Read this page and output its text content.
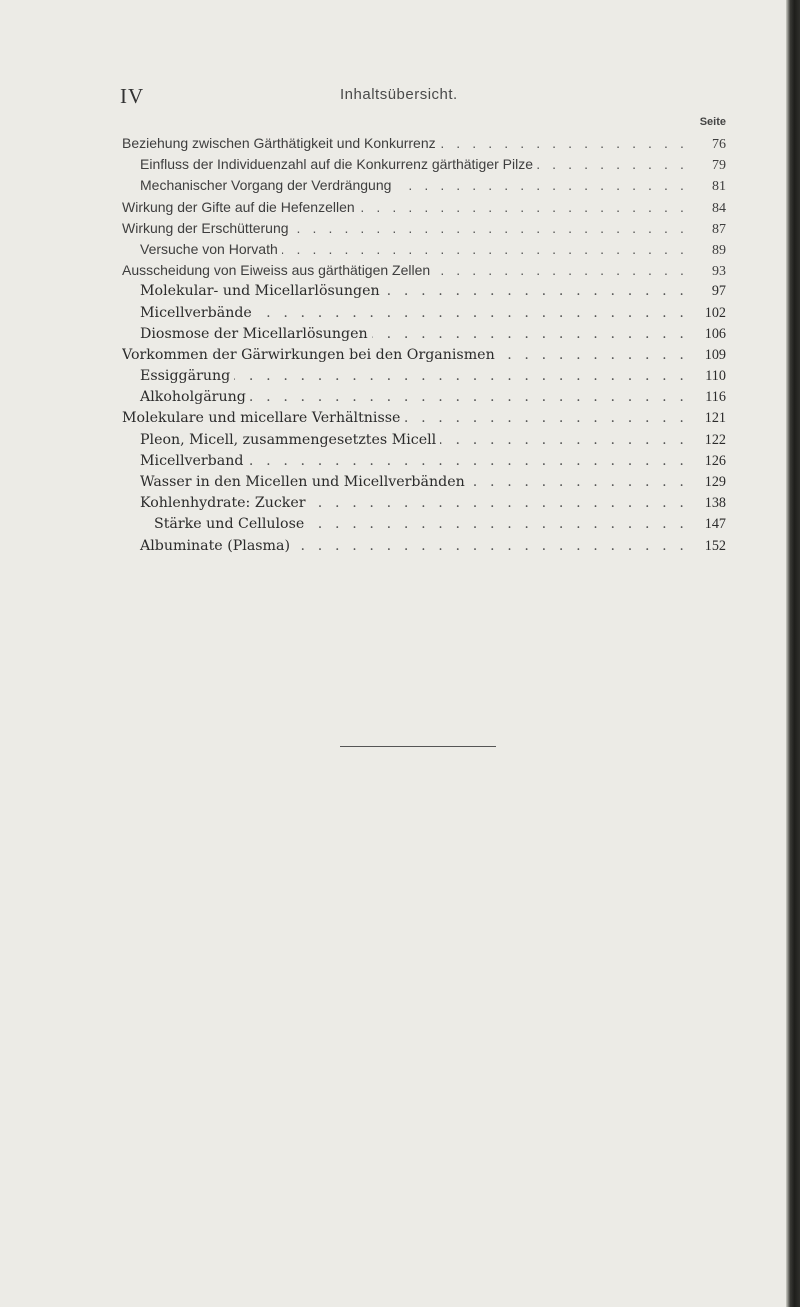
IV	Inhaltsübersicht.
Seite
Beziehung zwischen Gärthätigkeit und Konkurrenz . . .	76
Einfluss der Individuenzahl auf die Konkurrenz gärthätiger Pilze . . .	79
Mechanischer Vorgang der Verdrängung . . .	81
Wirkung der Gifte auf die Hefenzellen . . .	84
Wirkung der Erschütterung . . .	87
Versuche von Horvath . . .	89
Ausscheidung von Eiweiss aus gärthätigen Zellen . . .	93
Molekular- und Micellarlösungen . . .	97
Micellverbände . . .	102
Diosmose der Micellarlösungen . . .	106
Vorkommen der Gärwirkungen bei den Organismen . . .	109
Essiggärung . . .	110
Alkoholgärung . . .	116
Molekulare und micellare Verhältnisse . . .	121
Pleon, Micell, zusammengesetztes Micell . . .	122
Micellverband . . .	126
Wasser in den Micellen und Micellverbänden . . .	129
Kohlenhydrate: Zucker . . .	138
Stärke und Cellulose . . .	147
Albuminate (Plasma) . . .	152
